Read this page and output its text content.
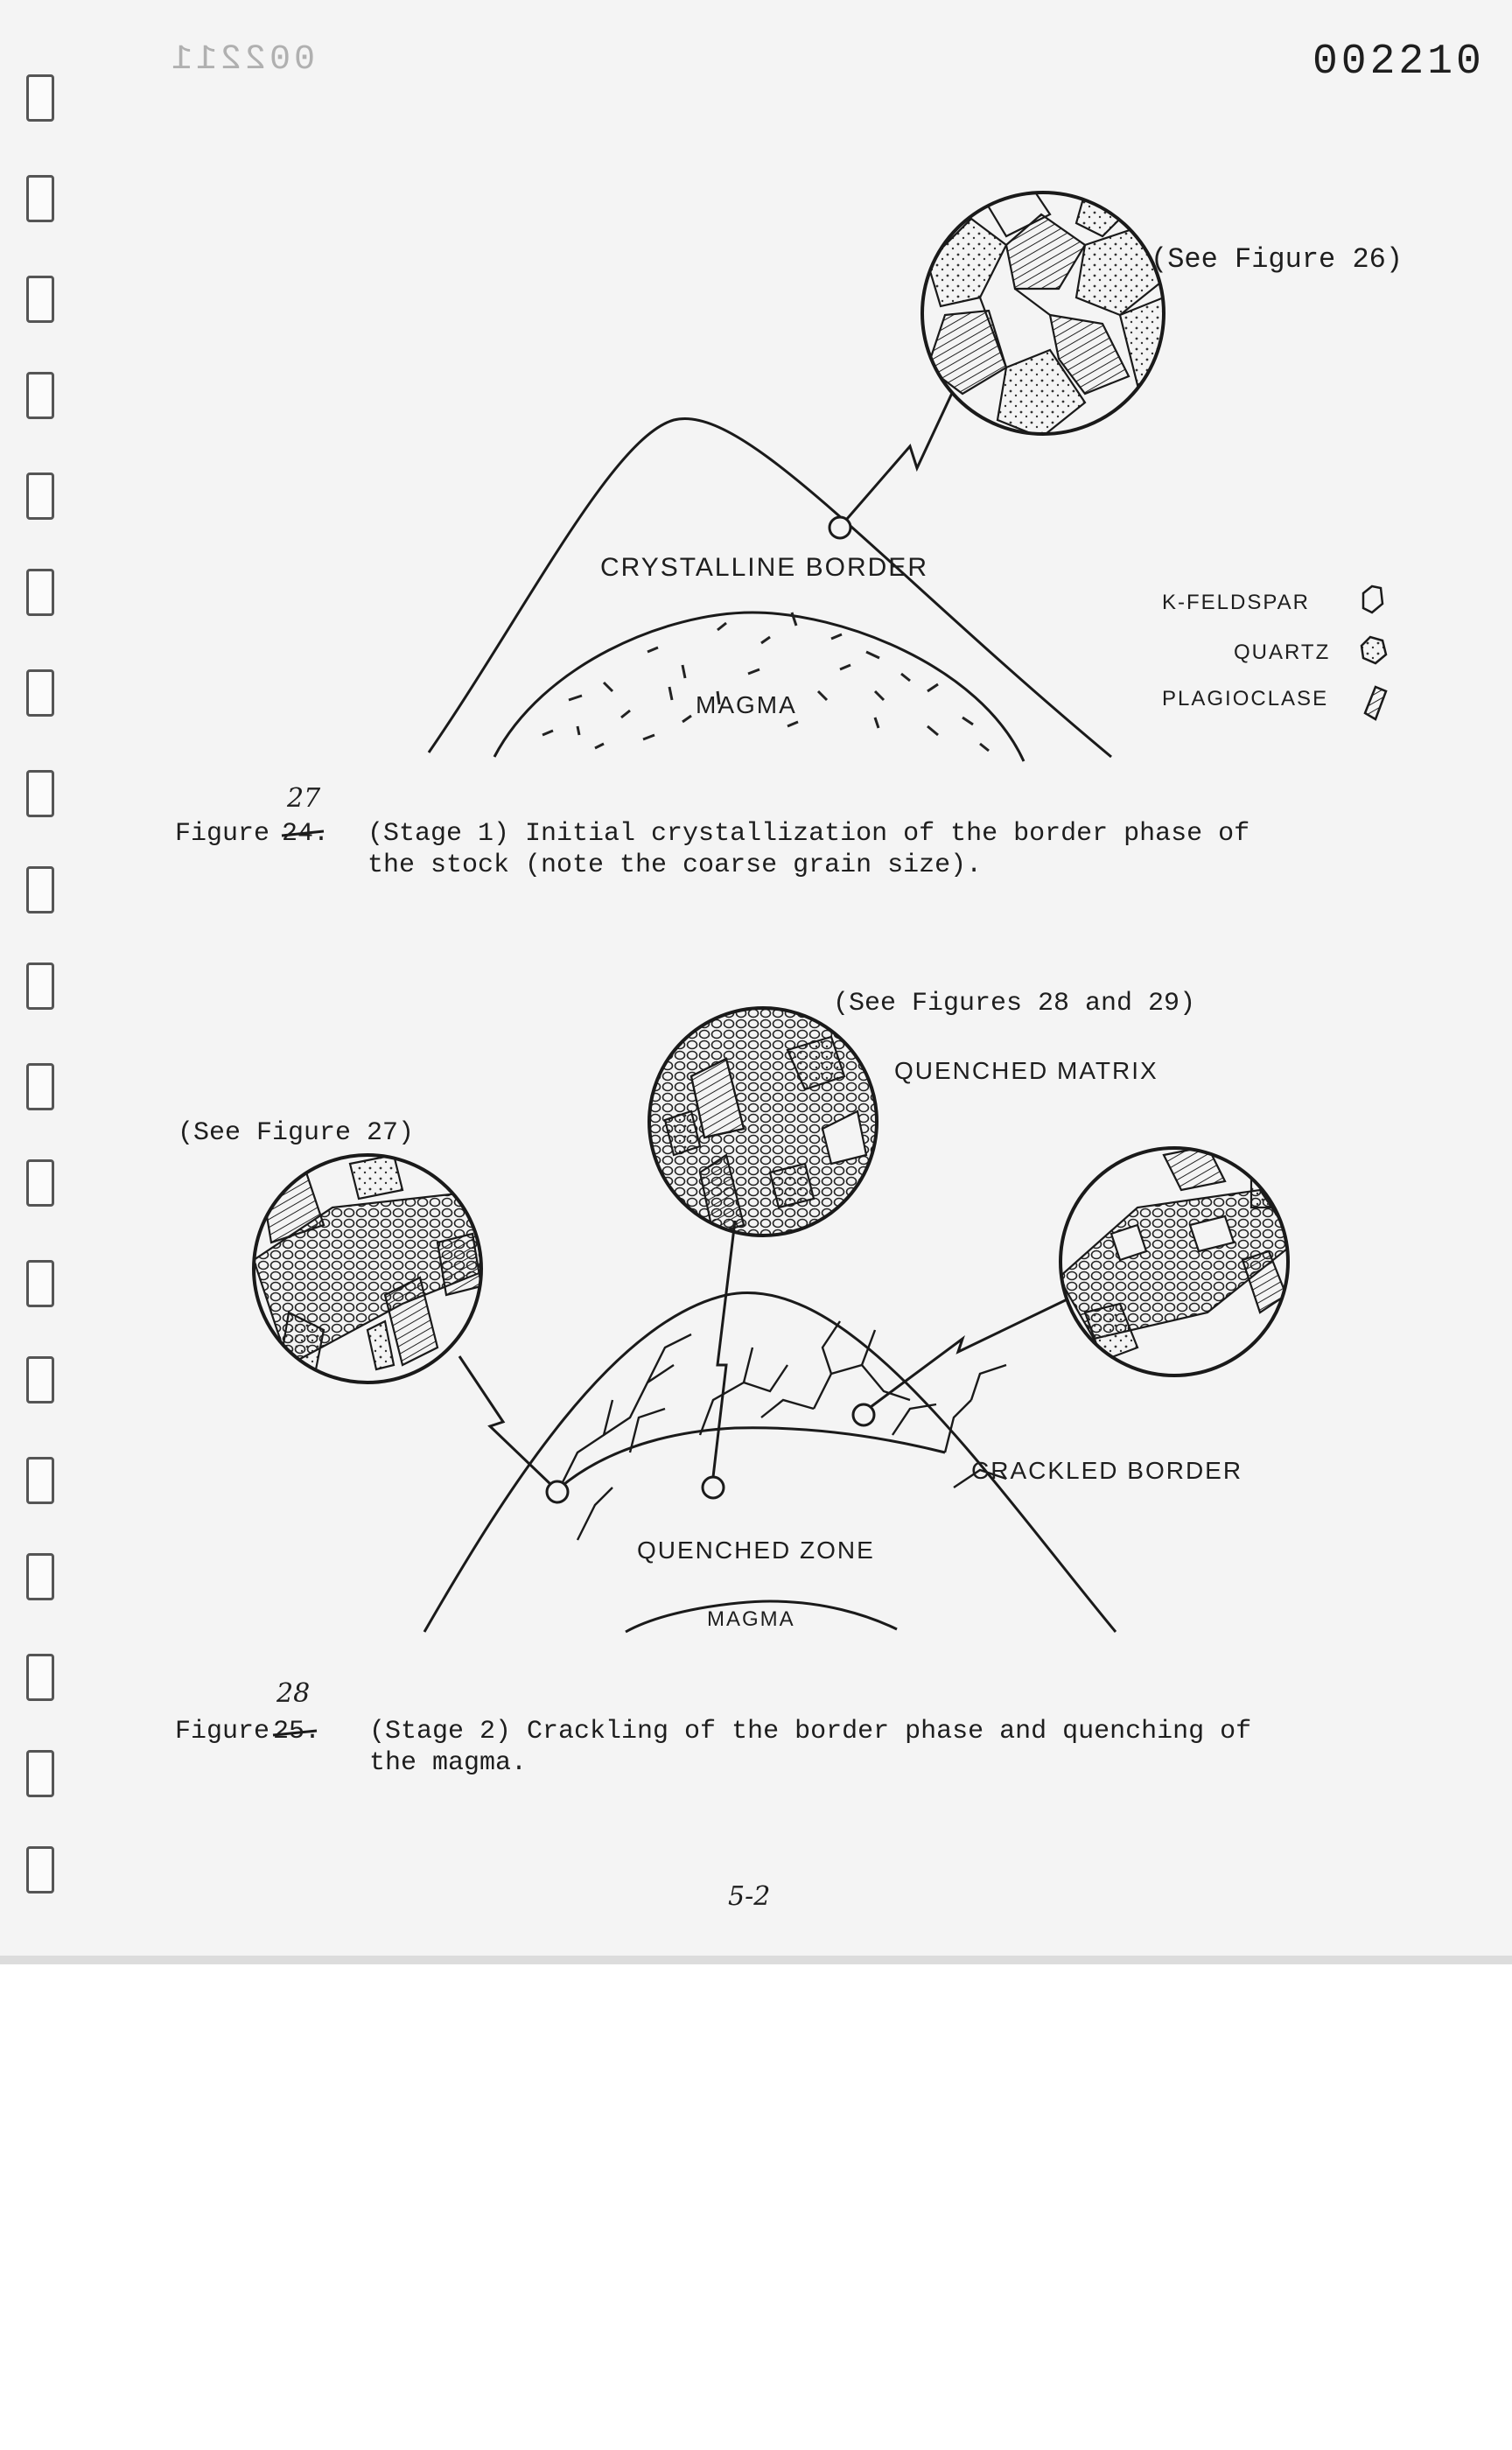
002210
002211
(See Figure 26)
CRYSTALLINE BORDER
MAGMA
K-FELDSPAR
QUARTZ
PLAGIOCLASE
Figure 24.
27
(Stage 1) Initial crystallization of the border phase of
the stock (note the coarse grain size).
(See Figures 28 and 29)
QUENCHED MATRIX
(See Figure 27)
CRACKLED BORDER
QUENCHED ZONE
MAGMA
Figure 25.
28
(Stage 2) Crackling of the border phase and quenching of
the magma.
5-2
